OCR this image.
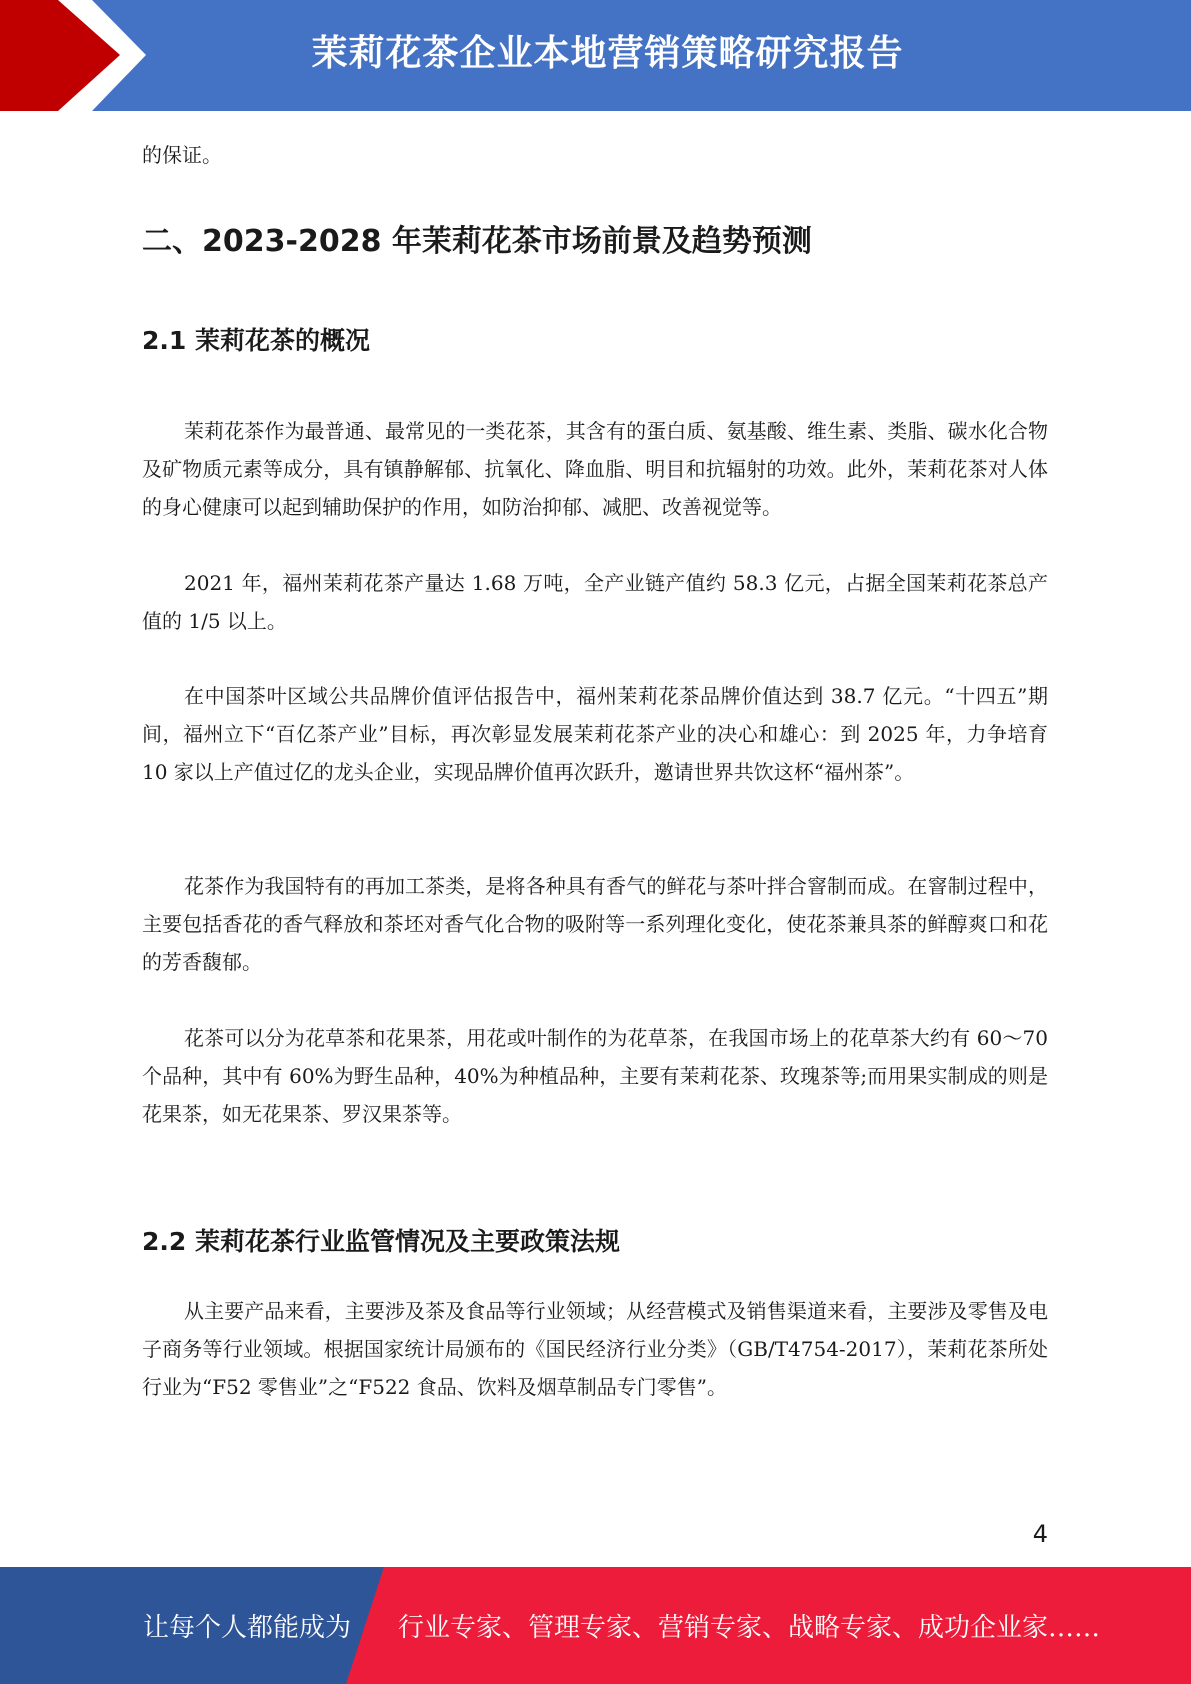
茉莉花茶企业本地营销策略研究报告

的保证。

二、2023-2028 年茉莉花茶市场前景及趋势预测
2.1 茉莉花茶的概况

茉莉花茶作为最普通、最常见的一类花茶，其含有的蛋白质、氨基酸、维生素、类脂、碳水化合物及矿物质元素等成分，具有镇静解郁、抗氧化、降血脂、明目和抗辐射的功效。此外，茉莉花茶对人体的身心健康可以起到辅助保护的作用，如防治抑郁、减肥、改善视觉等。

2021 年，福州茉莉花茶产量达 1.68 万吨，全产业链产值约 58.3 亿元，占据全国茉莉花茶总产值的 1/5 以上。

在中国茶叶区域公共品牌价值评估报告中，福州茉莉花茶品牌价值达到 38.7 亿元。“十四五”期间，福州立下“百亿茶产业”目标，再次彰显发展茉莉花茶产业的决心和雄心：到 2025 年，力争培育 10 家以上产值过亿的龙头企业，实现品牌价值再次跃升，邀请世界共饮这杯“福州茶”。

花茶作为我国特有的再加工茶类，是将各种具有香气的鲜花与茶叶拌合窨制而成。在窨制过程中，主要包括香花的香气释放和茶坯对香气化合物的吸附等一系列理化变化，使花茶兼具茶的鲜醇爽口和花的芳香馥郁。

花茶可以分为花草茶和花果茶，用花或叶制作的为花草茶，在我国市场上的花草茶大约有 60～70 个品种，其中有 60%为野生品种，40%为种植品种，主要有茉莉花茶、玫瑰茶等;而用果实制成的则是花果茶，如无花果茶、罗汉果茶等。

2.2 茉莉花茶行业监管情况及主要政策法规

从主要产品来看，主要涉及茶及食品等行业领域；从经营模式及销售渠道来看，主要涉及零售及电子商务等行业领域。根据国家统计局颁布的《国民经济行业分类》（GB/T4754-2017），茉莉花茶所处行业为“F52 零售业”之“F522 食品、饮料及烟草制品专门零售”。

4
让每个人都能成为 行业专家、管理专家、营销专家、战略专家、成功企业家……
